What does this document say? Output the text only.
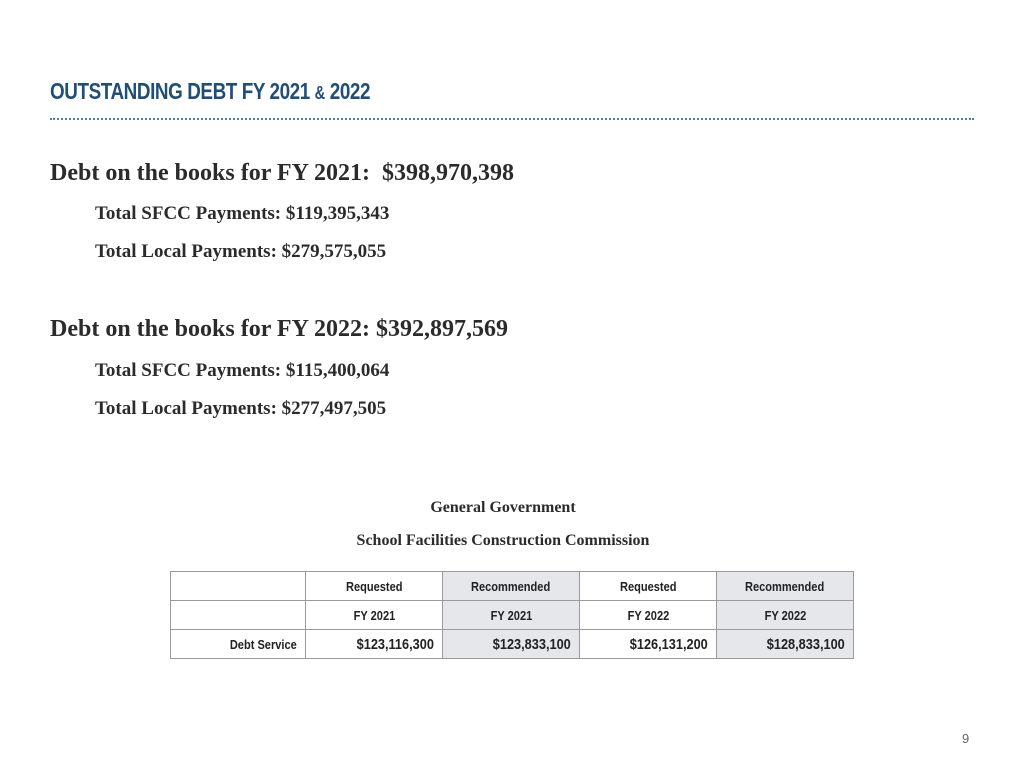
OUTSTANDING DEBT FY 2021 & 2022
Debt on the books for FY 2021:  $398,970,398
Total SFCC Payments: $119,395,343
Total Local Payments: $279,575,055
Debt on the books for FY 2022: $392,897,569
Total SFCC Payments: $115,400,064
Total Local Payments: $277,497,505
General Government
School Facilities Construction Commission
	Requested	Recommended	Requested	Recommended
	FY 2021	FY 2021	FY 2022	FY 2022
Debt Service	$123,116,300	$123,833,100	$126,131,200	$128,833,100
9
